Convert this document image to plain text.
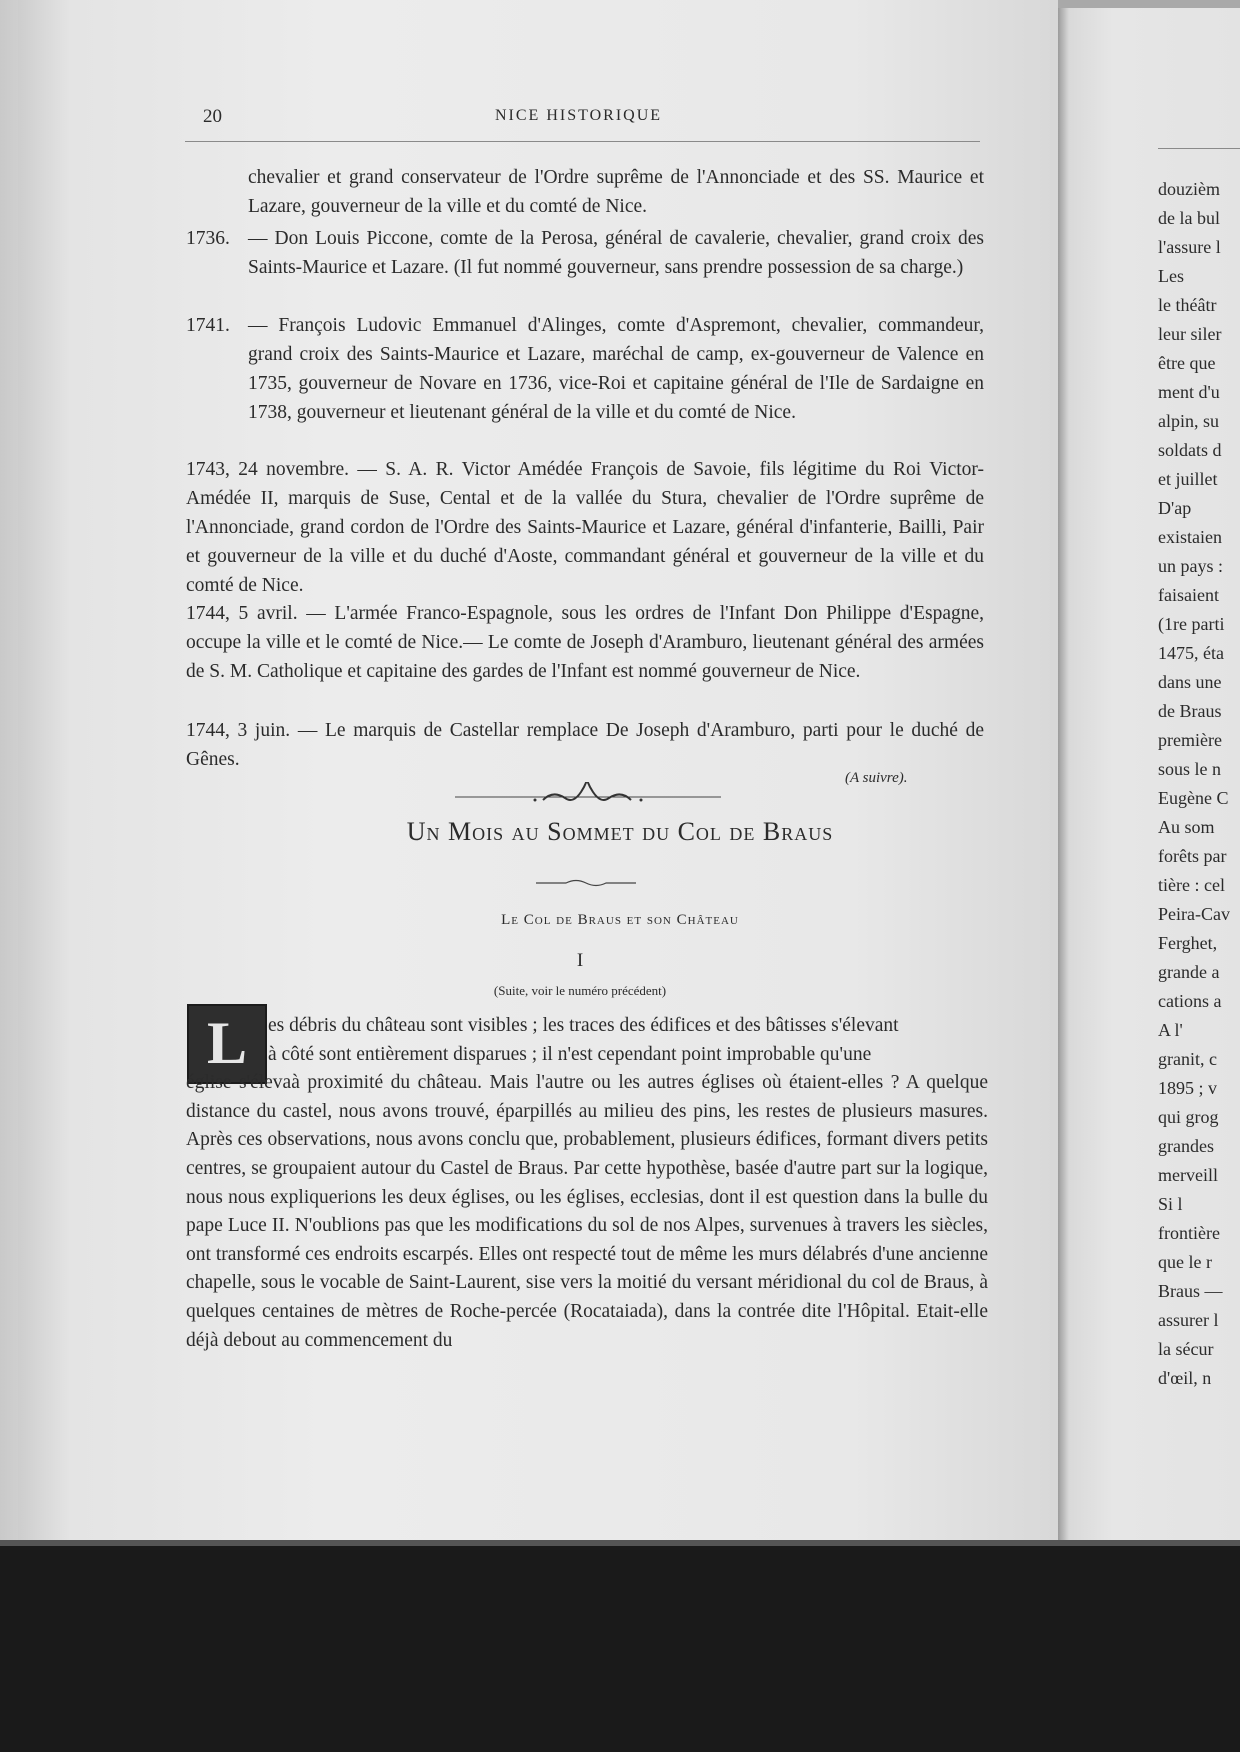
20	NICE HISTORIQUE
chevalier et grand conservateur de l'Ordre suprême de l'Annonciade et des SS. Maurice et Lazare, gouverneur de la ville et du comté de Nice.
1736. — Don Louis Piccone, comte de la Perosa, général de cavalerie, chevalier, grand croix des Saints-Maurice et Lazare. (Il fut nommé gouverneur, sans prendre possession de sa charge.)
1741. — François Ludovic Emmanuel d'Alinges, comte d'Aspremont, chevalier, commandeur, grand croix des Saints-Maurice et Lazare, maréchal de camp, ex-gouverneur de Valence en 1735, gouverneur de Novare en 1736, vice-Roi et capitaine général de l'Ile de Sardaigne en 1738, gouverneur et lieutenant général de la ville et du comté de Nice.
1743, 24 novembre. — S. A. R. Victor Amédée François de Savoie, fils légitime du Roi Victor-Amédée II, marquis de Suse, Cental et de la vallée du Stura, chevalier de l'Ordre suprême de l'Annonciade, grand cordon de l'Ordre des Saints-Maurice et Lazare, général d'infanterie, Bailli, Pair et gouverneur de la ville et du duché d'Aoste, commandant général et gouverneur de la ville et du comté de Nice.
1744, 5 avril. — L'armée Franco-Espagnole, sous les ordres de l'Infant Don Philippe d'Espagne, occupe la ville et le comté de Nice.— Le comte de Joseph d'Aramburo, lieutenant général des armées de S. M. Catholique et capitaine des gardes de l'Infant est nommé gouverneur de Nice.
1744, 3 juin. — Le marquis de Castellar remplace De Joseph d'Aramburo, parti pour le duché de Gênes.
(A suivre).
Un Mois au Sommet du Col de Braus
Le Col de Braus et son Château
I
(Suite, voir le numéro précédent)
L	es débris du château sont visibles ; les traces des édifices et des bâtisses s'élevant
à côté sont entièrement disparues ; il n'est cependant point improbable qu'une
église s'élevaà proximité du château. Mais l'autre ou les autres églises où étaient-elles ? A quelque distance du castel, nous avons trouvé, éparpillés au milieu des pins, les restes de plusieurs masures. Après ces observations, nous avons conclu que, probablement, plusieurs édifices, formant divers petits centres, se groupaient autour du Castel de Braus. Par cette hypothèse, basée d'autre part sur la logique, nous nous expliquerions les deux églises, ou les églises, ecclesias, dont il est question dans la bulle du pape Luce II. N'oublions pas que les modifications du sol de nos Alpes, survenues à travers les siècles, ont transformé ces endroits escarpés. Elles ont respecté tout de même les murs délabrés d'une ancienne chapelle, sous le vocable de Saint-Laurent, sise vers la moitié du versant méridional du col de Braus, à quelques centaines de mètres de Roche-percée (Rocataiada), dans la contrée dite l'Hôpital. Etait-elle déjà debout au commencement du
douzièm
de la bul
l'assure l
Les
le théâtr
leur siler
être que
ment d'u
alpin, su
soldats d
et juillet
D'ap
existaien
un pays :
faisaient
(1re parti
1475, éta
dans une
de Braus
première
sous le n
Eugène C
Au som
forêts par
tière : cel
Peira-Cav
Ferghet,
grande a
cations a
A l'
granit, c
1895 ; v
qui grog
grandes
merveill
Si l
frontière
que le r
Braus —
assurer l
la sécur
d'œil, n
